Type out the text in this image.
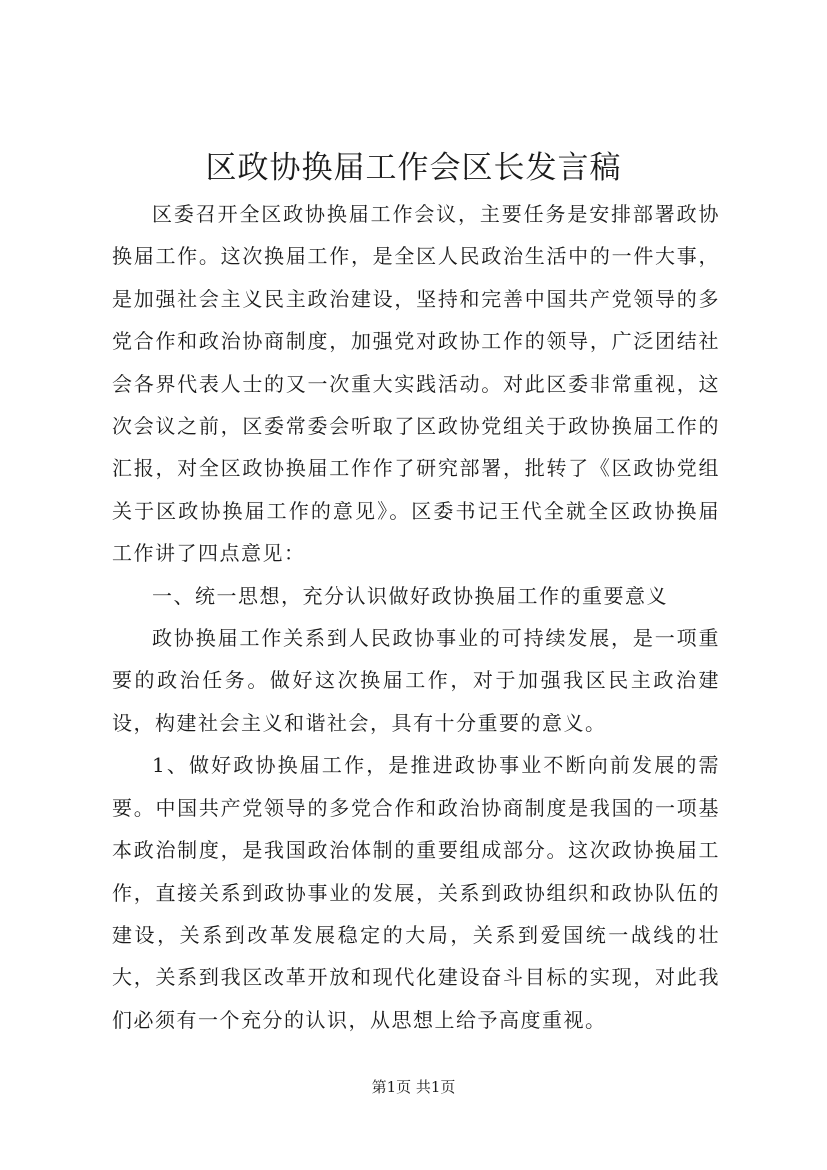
区政协换届工作会区长发言稿

区委召开全区政协换届工作会议，主要任务是安排部署政协换届工作。这次换届工作，是全区人民政治生活中的一件大事，是加强社会主义民主政治建设，坚持和完善中国共产党领导的多党合作和政治协商制度，加强党对政协工作的领导，广泛团结社会各界代表人士的又一次重大实践活动。对此区委非常重视，这次会议之前，区委常委会听取了区政协党组关于政协换届工作的汇报，对全区政协换届工作作了研究部署，批转了《区政协党组关于区政协换届工作的意见》。区委书记王代全就全区政协换届工作讲了四点意见：

一、统一思想，充分认识做好政协换届工作的重要意义

政协换届工作关系到人民政协事业的可持续发展，是一项重要的政治任务。做好这次换届工作，对于加强我区民主政治建设，构建社会主义和谐社会，具有十分重要的意义。

1、做好政协换届工作，是推进政协事业不断向前发展的需要。中国共产党领导的多党合作和政治协商制度是我国的一项基本政治制度，是我国政治体制的重要组成部分。这次政协换届工作，直接关系到政协事业的发展，关系到政协组织和政协队伍的建设，关系到改革发展稳定的大局，关系到爱国统一战线的壮大，关系到我区改革开放和现代化建设奋斗目标的实现，对此我们必须有一个充分的认识，从思想上给予高度重视。

第1页 共1页
